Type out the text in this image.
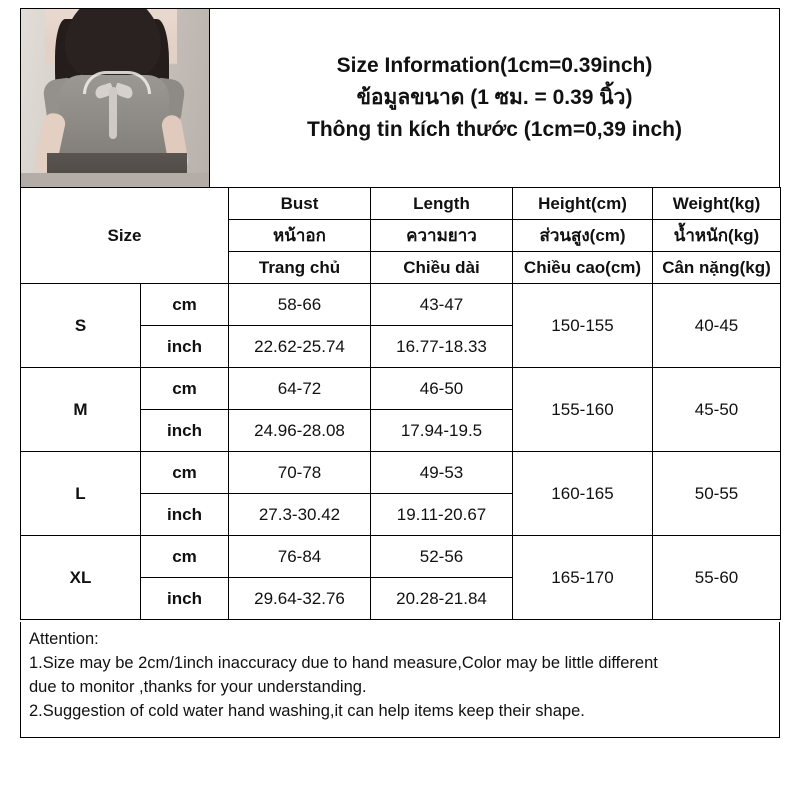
Size Information(1cm=0.39inch)
ข้อมูลขนาด (1 ซม. = 0.39 นิ้ว)
Thông tin kích thước (1cm=0,39 inch)
Size		Bust	Length	Height(cm)	Weight(kg)
		หน้าอก	ความยาว	ส่วนสูง(cm)	น้ำหนัก(kg)
		Trang chủ	Chiều dài	Chiều cao(cm)	Cân nặng(kg)
S	cm	58-66	43-47	150-155	40-45
	inch	22.62-25.74	16.77-18.33		
M	cm	64-72	46-50	155-160	45-50
	inch	24.96-28.08	17.94-19.5		
L	cm	70-78	49-53	160-165	50-55
	inch	27.3-30.42	19.11-20.67		
XL	cm	76-84	52-56	165-170	55-60
	inch	29.64-32.76	20.28-21.84		

Attention:

1.Size may be 2cm/1inch inaccuracy due to hand measure,Color may be little different

due to monitor ,thanks for your understanding.

2.Suggestion of cold water hand washing,it can help items keep their shape.
